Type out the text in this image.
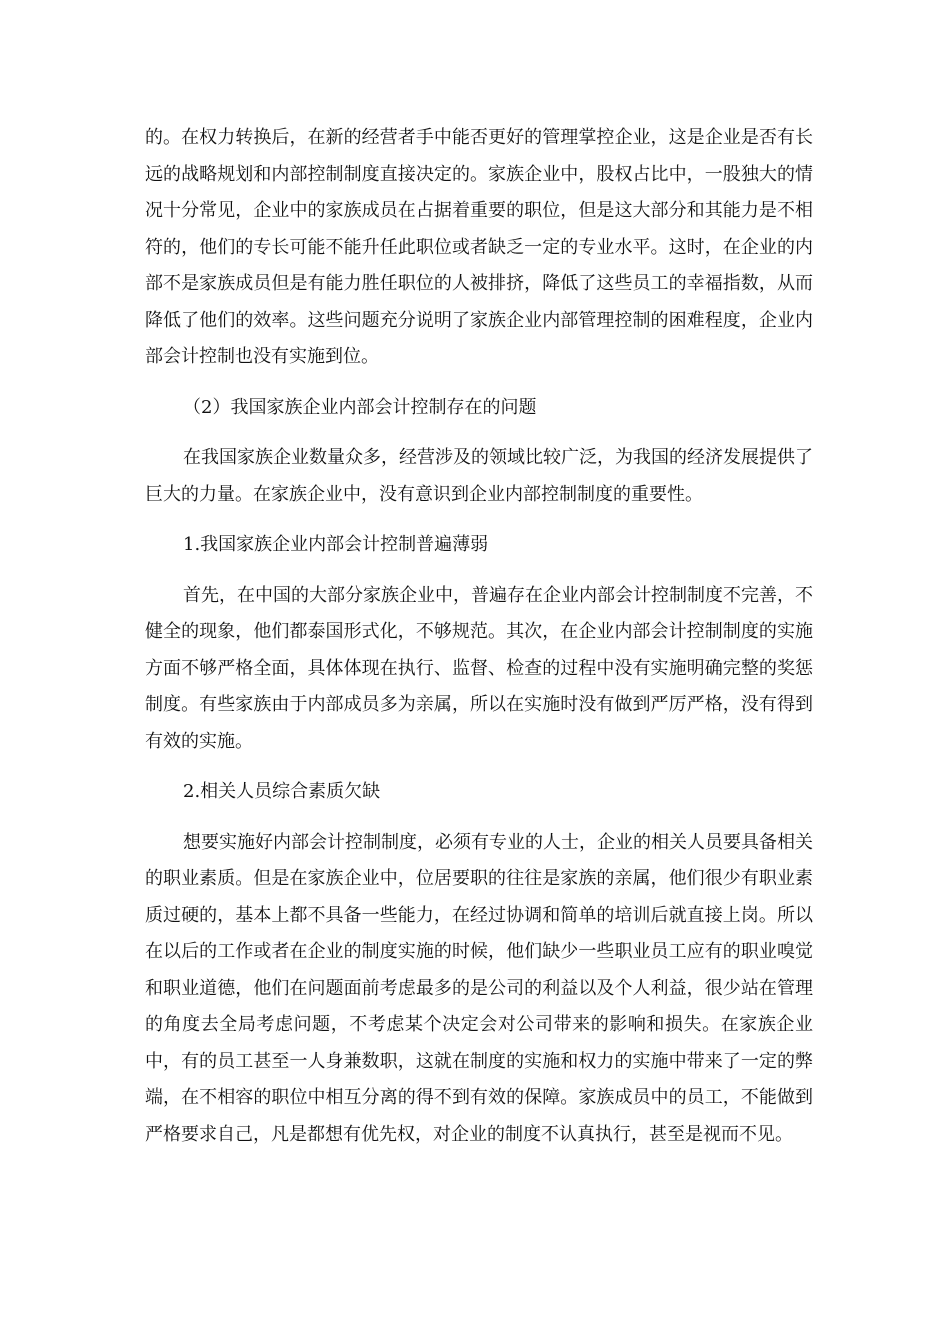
的。在权力转换后，在新的经营者手中能否更好的管理掌控企业，这是企业是否有长远的战略规划和内部控制制度直接决定的。家族企业中，股权占比中，一股独大的情况十分常见，企业中的家族成员在占据着重要的职位，但是这大部分和其能力是不相符的，他们的专长可能不能升任此职位或者缺乏一定的专业水平。这时，在企业的内部不是家族成员但是有能力胜任职位的人被排挤，降低了这些员工的幸福指数，从而降低了他们的效率。这些问题充分说明了家族企业内部管理控制的困难程度，企业内部会计控制也没有实施到位。

（2）我国家族企业内部会计控制存在的问题

在我国家族企业数量众多，经营涉及的领域比较广泛，为我国的经济发展提供了巨大的力量。在家族企业中，没有意识到企业内部控制制度的重要性。

1.我国家族企业内部会计控制普遍薄弱

首先，在中国的大部分家族企业中，普遍存在企业内部会计控制制度不完善，不健全的现象，他们都泰国形式化，不够规范。其次，在企业内部会计控制制度的实施方面不够严格全面，具体体现在执行、监督、检查的过程中没有实施明确完整的奖惩制度。有些家族由于内部成员多为亲属，所以在实施时没有做到严厉严格，没有得到有效的实施。

2.相关人员综合素质欠缺

想要实施好内部会计控制制度，必须有专业的人士，企业的相关人员要具备相关的职业素质。但是在家族企业中，位居要职的往往是家族的亲属，他们很少有职业素质过硬的，基本上都不具备一些能力，在经过协调和简单的培训后就直接上岗。所以在以后的工作或者在企业的制度实施的时候，他们缺少一些职业员工应有的职业嗅觉和职业道德，他们在问题面前考虑最多的是公司的利益以及个人利益，很少站在管理的角度去全局考虑问题，不考虑某个决定会对公司带来的影响和损失。在家族企业中，有的员工甚至一人身兼数职，这就在制度的实施和权力的实施中带来了一定的弊端，在不相容的职位中相互分离的得不到有效的保障。家族成员中的员工，不能做到严格要求自己，凡是都想有优先权，对企业的制度不认真执行，甚至是视而不见。
